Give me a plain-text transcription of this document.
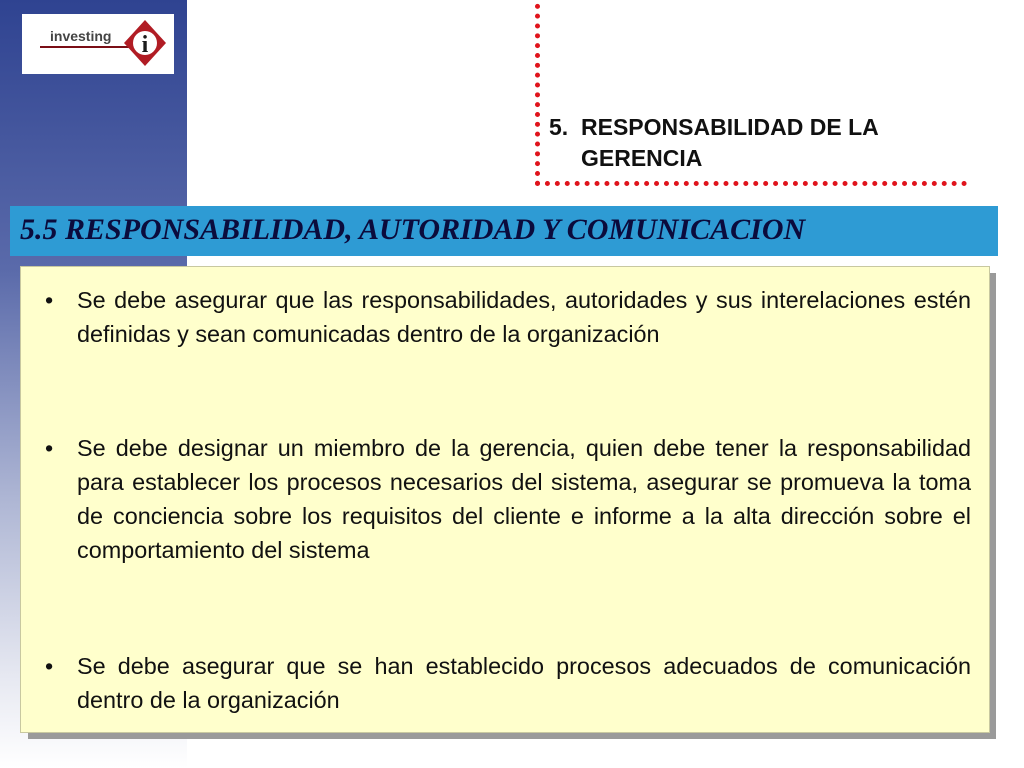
investing i
5. RESPONSABILIDAD DE LA GERENCIA
5.5 RESPONSABILIDAD, AUTORIDAD Y COMUNICACION
•	Se debe asegurar que las responsabilidades, autoridades y sus interelaciones estén definidas y sean comunicadas dentro de la organización
•	Se debe designar un miembro de la gerencia, quien debe tener la responsabilidad para establecer los procesos necesarios del sistema, asegurar se promueva la toma de conciencia sobre los requisitos del cliente e informe a la alta dirección sobre el comportamiento del sistema
•	Se debe asegurar que se han establecido procesos adecuados de comunicación dentro de la organización
